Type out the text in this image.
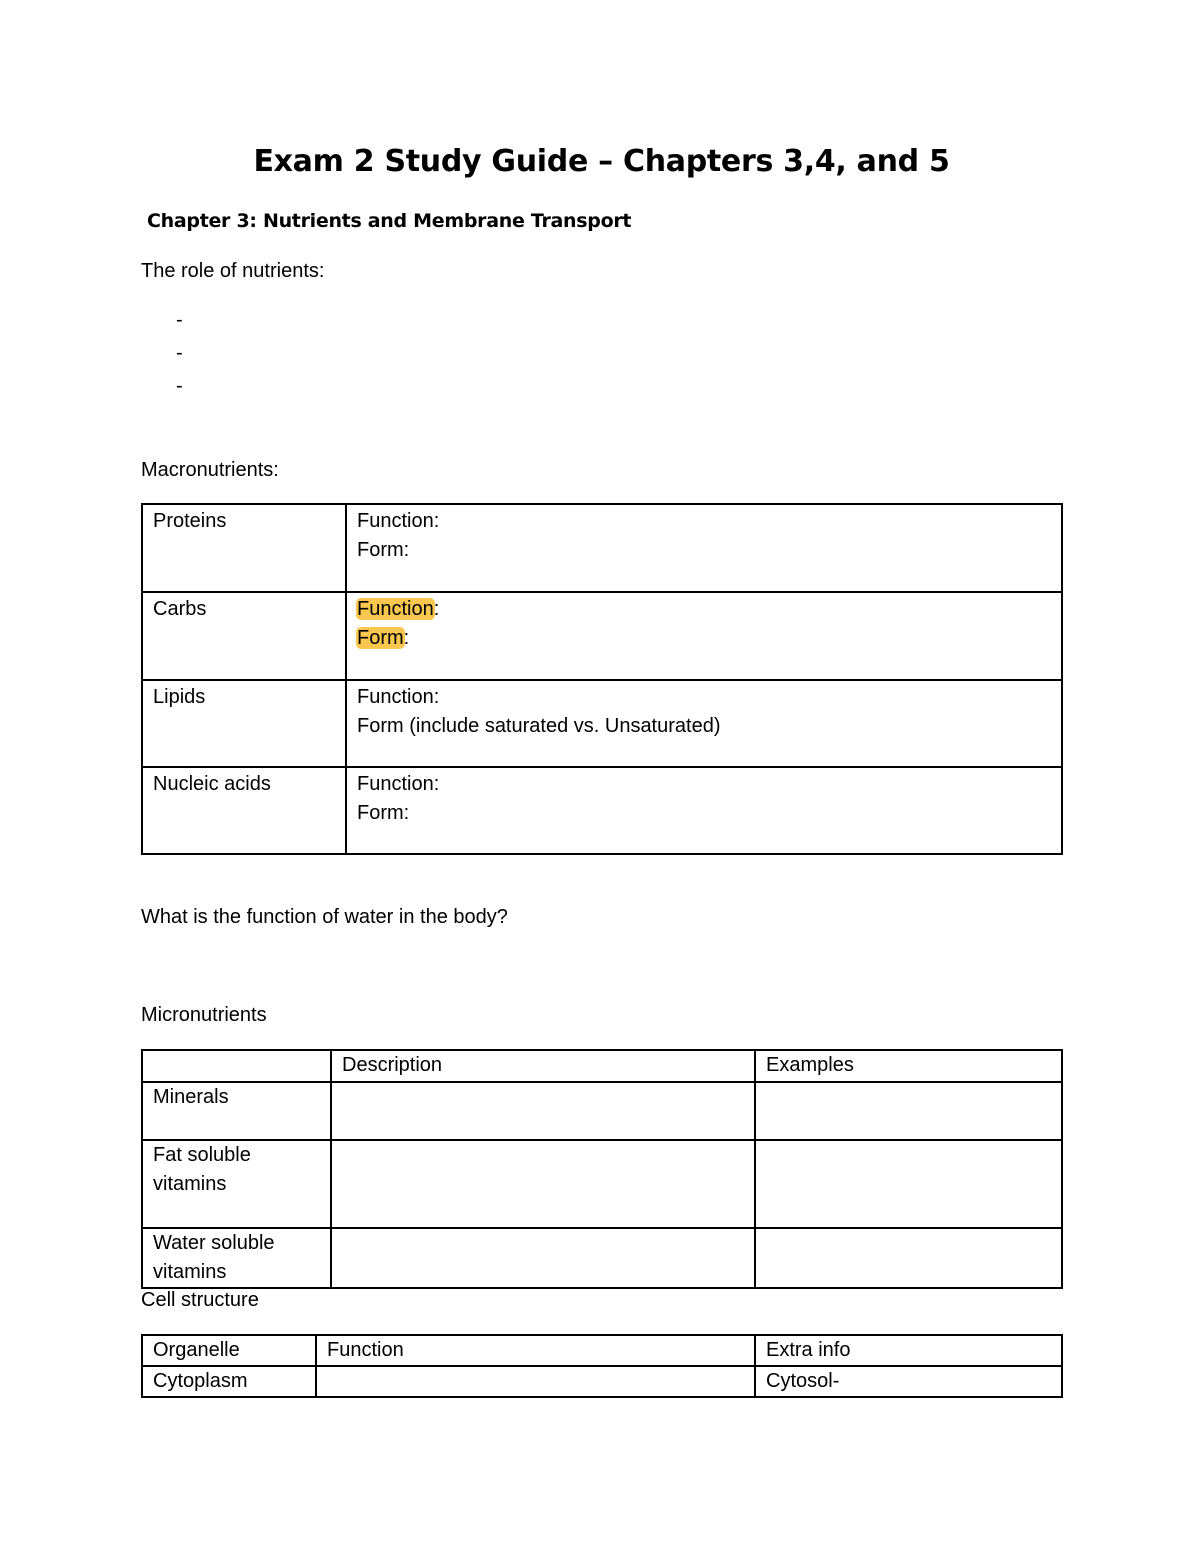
Exam 2 Study Guide – Chapters 3,4, and 5
Chapter 3: Nutrients and Membrane Transport
The role of nutrients:
-
-
-
Macronutrients:
Proteins	Function:
Form:

Carbs	Function:
Form:

Lipids	Function:
Form (include saturated vs. Unsaturated)

Nucleic acids	Function:
Form:
What is the function of water in the body?
Micronutrients
	Description	Examples

Minerals		

Fat soluble
vitamins		

Water soluble
vitamins		

Cell structure
Organelle	Function	Extra info
Cytoplasm		Cytosol-
